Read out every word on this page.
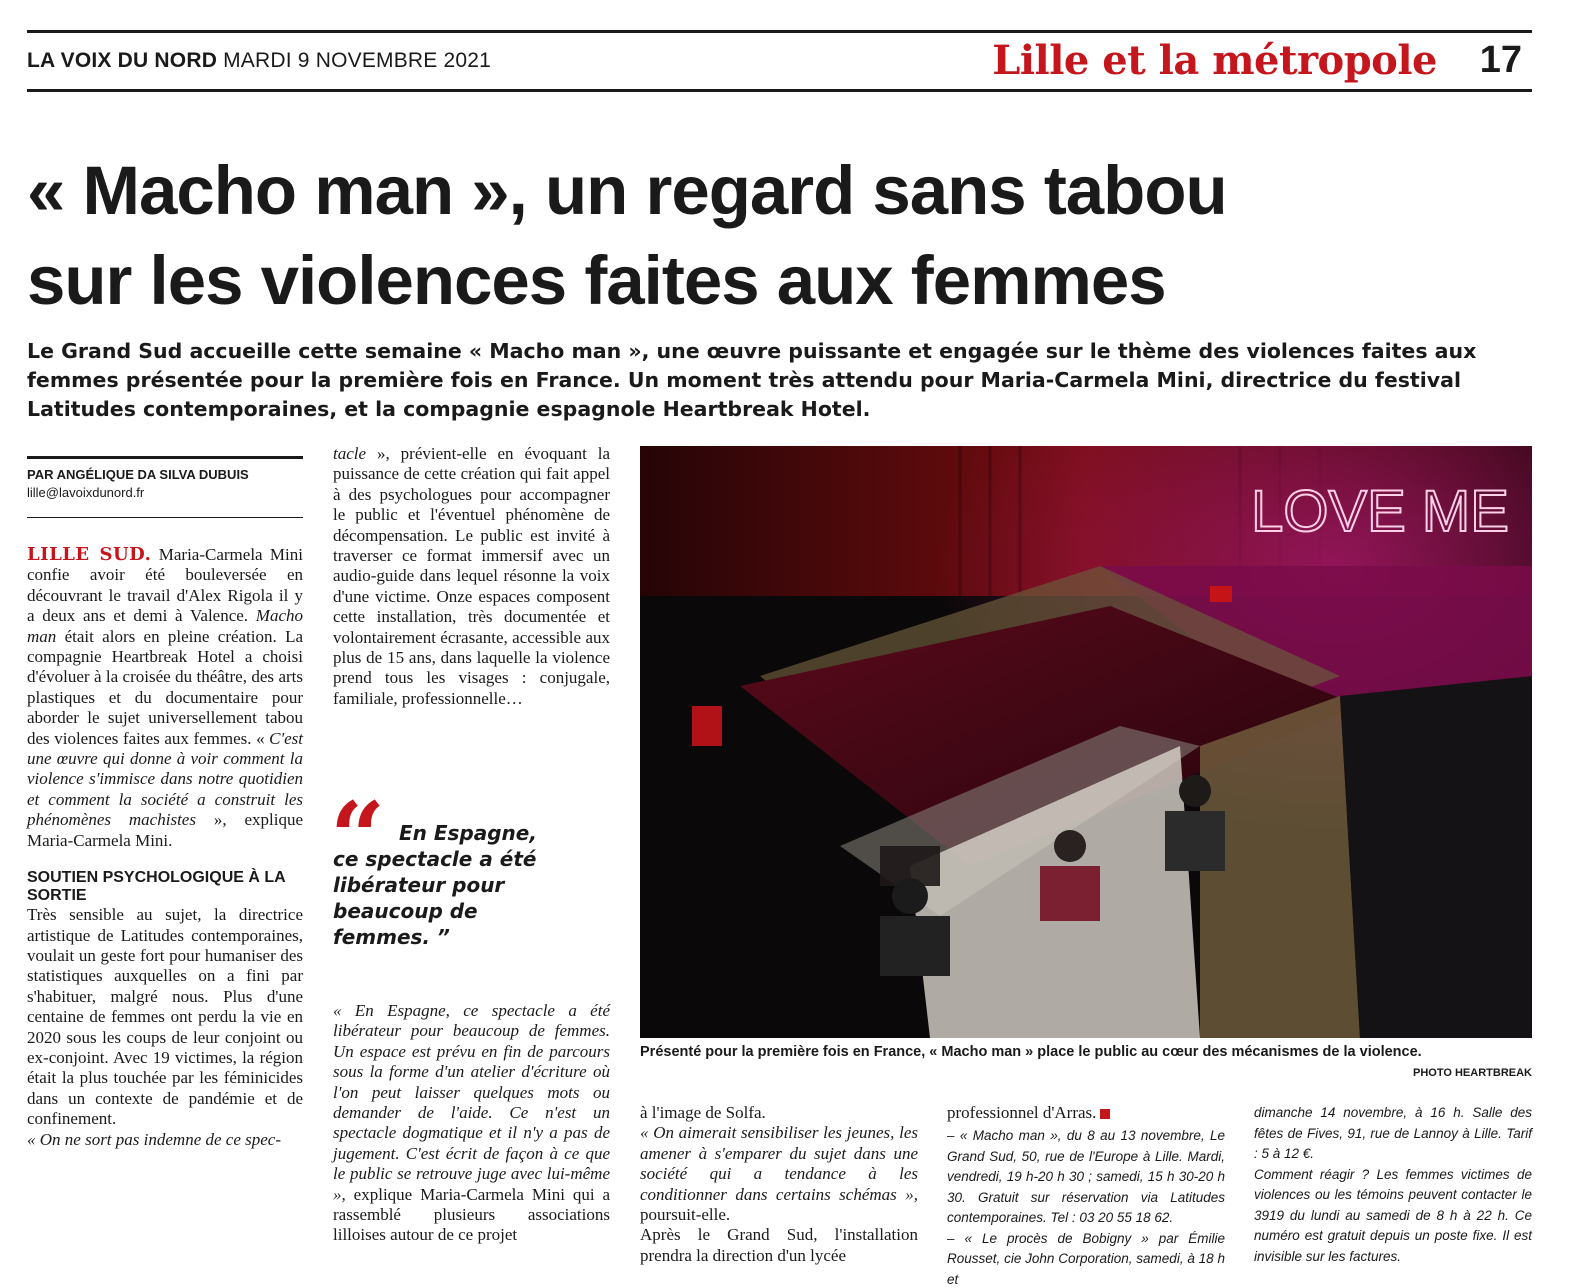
LA VOIX DU NORD MARDI 9 NOVEMBRE 2021	Lille et la métropole 17
« Macho man », un regard sans tabou
sur les violences faites aux femmes
Le Grand Sud accueille cette semaine « Macho man », une œuvre puissante et engagée sur le thème des violences faites aux femmes présentée pour la première fois en France. Un moment très attendu pour Maria-Carmela Mini, directrice du festival Latitudes contemporaines, et la compagnie espagnole Heartbreak Hotel.
PAR ANGÉLIQUE DA SILVA DUBUIS
lille@lavoixdunord.fr

LILLE SUD. Maria-Carmela Mini confie avoir été bouleversée en découvrant le travail d'Alex Rigola il y a deux ans et demi à Valence. Macho man était alors en pleine création. La compagnie Heartbreak Hotel a choisi d'évoluer à la croisée du théâtre, des arts plastiques et du documentaire pour aborder le sujet universellement tabou des violences faites aux femmes. « C'est une œuvre qui donne à voir comment la violence s'immisce dans notre quotidien et comment la société a construit les phénomènes machistes », explique Maria-Carmela Mini.

SOUTIEN PSYCHOLOGIQUE À LA SORTIE

Très sensible au sujet, la directrice artistique de Latitudes contemporaines, voulait un geste fort pour humaniser des statistiques auxquelles on a fini par s'habituer, malgré nous. Plus d'une centaine de femmes ont perdu la vie en 2020 sous les coups de leur conjoint ou ex-conjoint. Avec 19 victimes, la région était la plus touchée par les féminicides dans un contexte de pandémie et de confinement.

« On ne sort pas indemne de ce spec-

tacle », prévient-elle en évoquant la puissance de cette création qui fait appel à des psychologues pour accompagner le public et l'éventuel phénomène de décompensation. Le public est invité à traverser ce format immersif avec un audio-guide dans lequel résonne la voix d'une victime. Onze espaces composent cette installation, très documentée et volontairement écrasante, accessible aux plus de 15 ans, dans laquelle la violence prend tous les visages : conjugale, familiale, professionnelle…

“ En Espagne,
ce spectacle a été libérateur pour beaucoup de femmes. ”

« En Espagne, ce spectacle a été libérateur pour beaucoup de femmes. Un espace est prévu en fin de parcours sous la forme d'un atelier d'écriture où l'on peut laisser quelques mots ou demander de l'aide. Ce n'est un spectacle dogmatique et il n'y a pas de jugement. C'est écrit de façon à ce que le public se retrouve juge avec lui-même », explique Maria-Carmela Mini qui a rassemblé plusieurs associations lilloises autour de ce projet

LOVE ME
Présenté pour la première fois en France, « Macho man » place le public au cœur des mécanismes de la violence.
PHOTO HEARTBREAK

à l'image de Solfa.

« On aimerait sensibiliser les jeunes, les amener à s'emparer du sujet dans une société qui a tendance à les conditionner dans certains schémas », poursuit-elle.

Après le Grand Sud, l'installation prendra la direction d'un lycée

professionnel d'Arras.

– « Macho man », du 8 au 13 novembre, Le Grand Sud, 50, rue de l'Europe à Lille. Mardi, vendredi, 19 h-20 h 30 ; samedi, 15 h 30-20 h 30. Gratuit sur réservation via Latitudes contemporaines. Tel : 03 20 55 18 62.

– « Le procès de Bobigny » par Émilie Rousset, cie John Corporation, samedi, à 18 h et

dimanche 14 novembre, à 16 h. Salle des fêtes de Fives, 91, rue de Lannoy à Lille. Tarif : 5 à 12 €.

Comment réagir ? Les femmes victimes de violences ou les témoins peuvent contacter le 3919 du lundi au samedi de 8 h à 22 h. Ce numéro est gratuit depuis un poste fixe. Il est invisible sur les factures.
